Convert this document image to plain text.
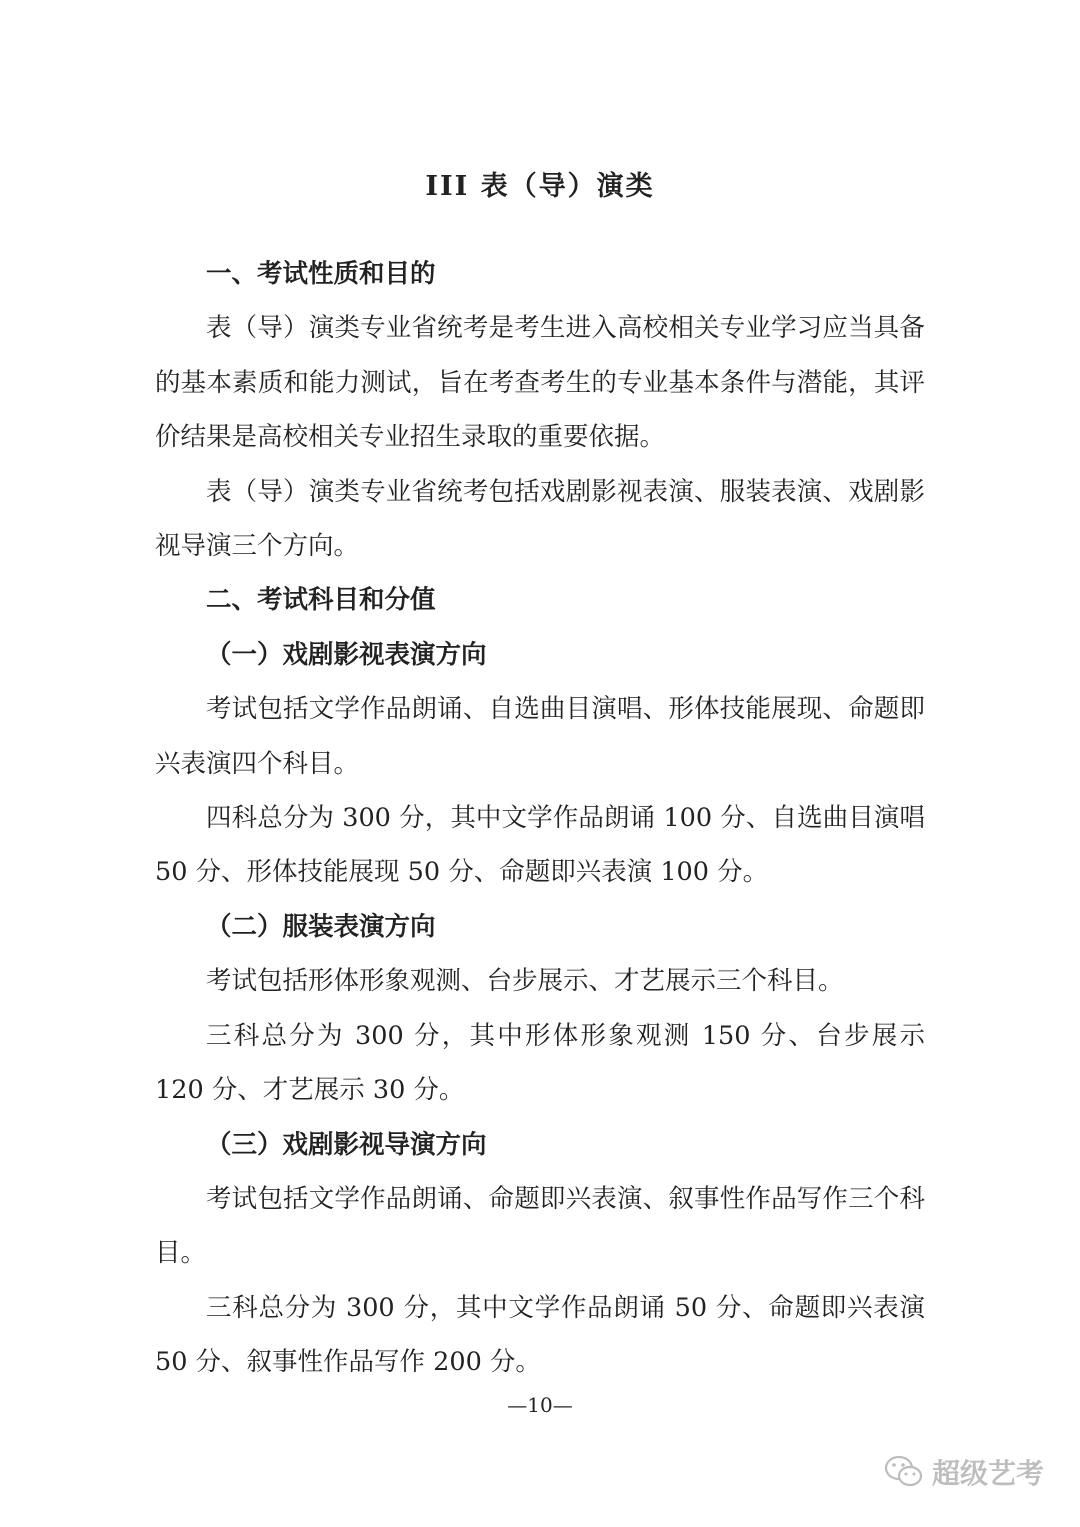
III 表（导）演类
一、考试性质和目的

表（导）演类专业省统考是考生进入高校相关专业学习应当具备的基本素质和能力测试，旨在考查考生的专业基本条件与潜能，其评价结果是高校相关专业招生录取的重要依据。

表（导）演类专业省统考包括戏剧影视表演、服装表演、戏剧影视导演三个方向。

二、考试科目和分值
（一）戏剧影视表演方向

考试包括文学作品朗诵、自选曲目演唱、形体技能展现、命题即兴表演四个科目。

四科总分为 300 分，其中文学作品朗诵 100 分、自选曲目演唱 50 分、形体技能展现 50 分、命题即兴表演 100 分。

（二）服装表演方向

考试包括形体形象观测、台步展示、才艺展示三个科目。

三科总分为 300 分，其中形体形象观测 150 分、台步展示 120 分、才艺展示 30 分。

（三）戏剧影视导演方向

考试包括文学作品朗诵、命题即兴表演、叙事性作品写作三个科目。

三科总分为 300 分，其中文学作品朗诵 50 分、命题即兴表演 50 分、叙事性作品写作 200 分。

—10—
超级艺考
